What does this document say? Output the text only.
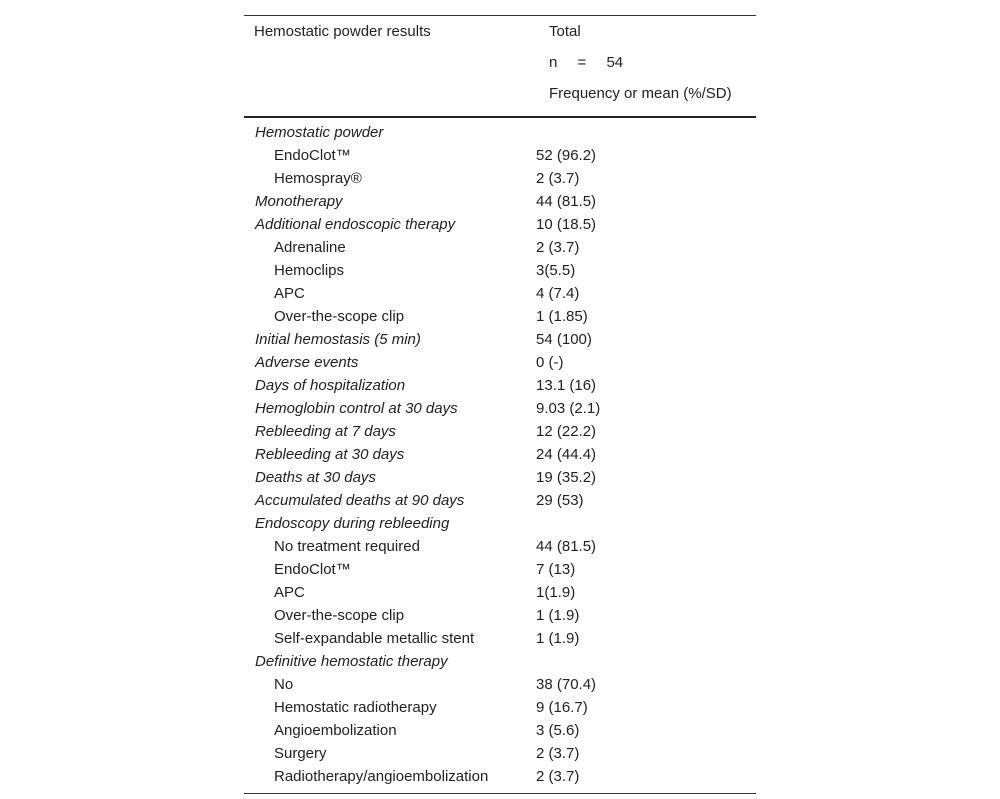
Hemostatic powder results	Total
n = 54
Frequency or mean (%/SD)
Hemostatic powder
EndoClot™	52 (96.2)
Hemospray®	2 (3.7)
Monotherapy	44 (81.5)
Additional endoscopic therapy	10 (18.5)
Adrenaline	2 (3.7)
Hemoclips	3(5.5)
APC	4 (7.4)
Over-the-scope clip	1 (1.85)
Initial hemostasis (5 min)	54 (100)
Adverse events	0 (-)
Days of hospitalization	13.1 (16)
Hemoglobin control at 30 days	9.03 (2.1)
Rebleeding at 7 days	12 (22.2)
Rebleeding at 30 days	24 (44.4)
Deaths at 30 days	19 (35.2)
Accumulated deaths at 90 days	29 (53)
Endoscopy during rebleeding
No treatment required	44 (81.5)
EndoClot™	7 (13)
APC	1(1.9)
Over-the-scope clip	1 (1.9)
Self-expandable metallic stent	1 (1.9)
Definitive hemostatic therapy
No	38 (70.4)
Hemostatic radiotherapy	9 (16.7)
Angioembolization	3 (5.6)
Surgery	2 (3.7)
Radiotherapy/angioembolization	2 (3.7)
